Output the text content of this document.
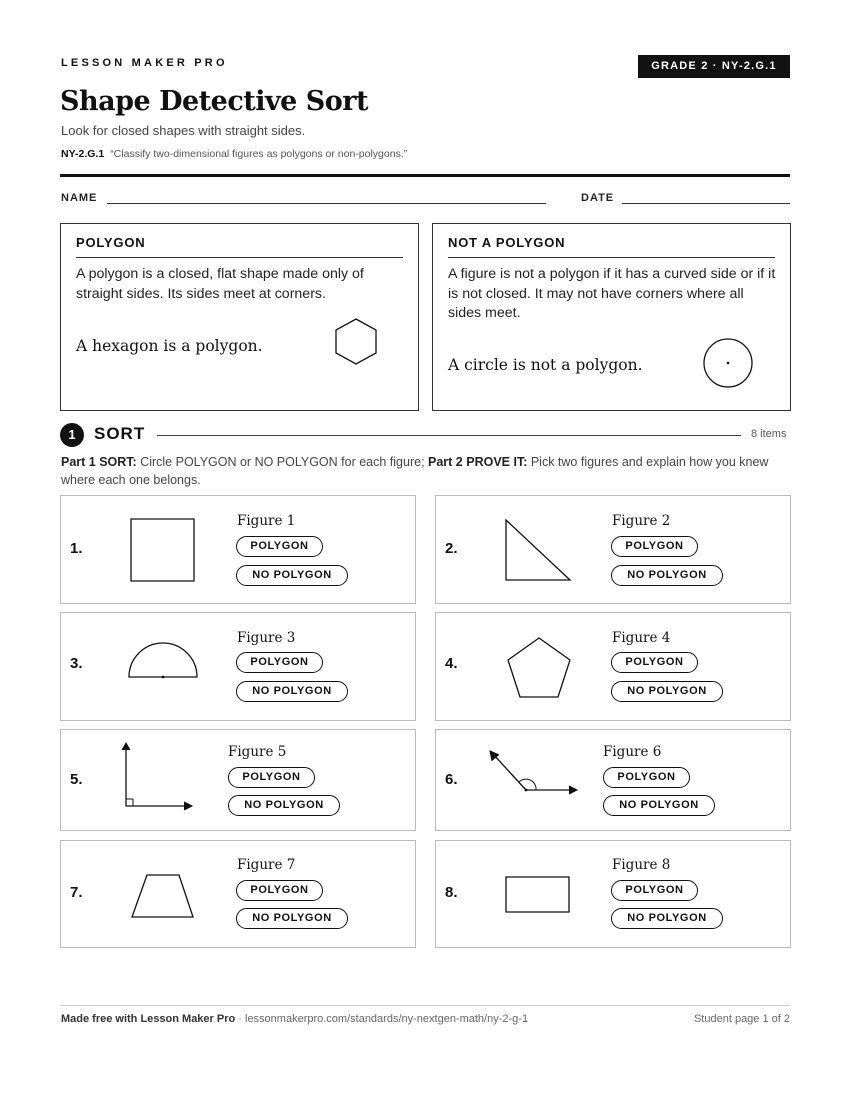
LESSON MAKER PRO	GRADE 2 · NY-2.G.1
Shape Detective Sort
Look for closed shapes with straight sides.
NY-2.G.1 “Classify two-dimensional figures as polygons or non-polygons.”
NAME	DATE
POLYGON
A polygon is a closed, flat shape made only of straight sides. Its sides meet at corners.
A hexagon is a polygon.
NOT A POLYGON
A figure is not a polygon if it has a curved side or if it is not closed. It may not have corners where all sides meet.
A circle is not a polygon.
1	SORT	8 items
Part 1 SORT: Circle POLYGON or NO POLYGON for each figure; Part 2 PROVE IT: Pick two figures and explain how you knew where each one belongs.
1.
Figure 1
POLYGON
NO POLYGON
2.
Figure 2
POLYGON
NO POLYGON
3.
Figure 3
POLYGON
NO POLYGON
4.
Figure 4
POLYGON
NO POLYGON
5.
Figure 5
POLYGON
NO POLYGON
6.
Figure 6
POLYGON
NO POLYGON
7.
Figure 7
POLYGON
NO POLYGON
8.
Figure 8
POLYGON
NO POLYGON
Made free with Lesson Maker Pro · lessonmakerpro.com/standards/ny-nextgen-math/ny-2-g-1	Student page 1 of 2
